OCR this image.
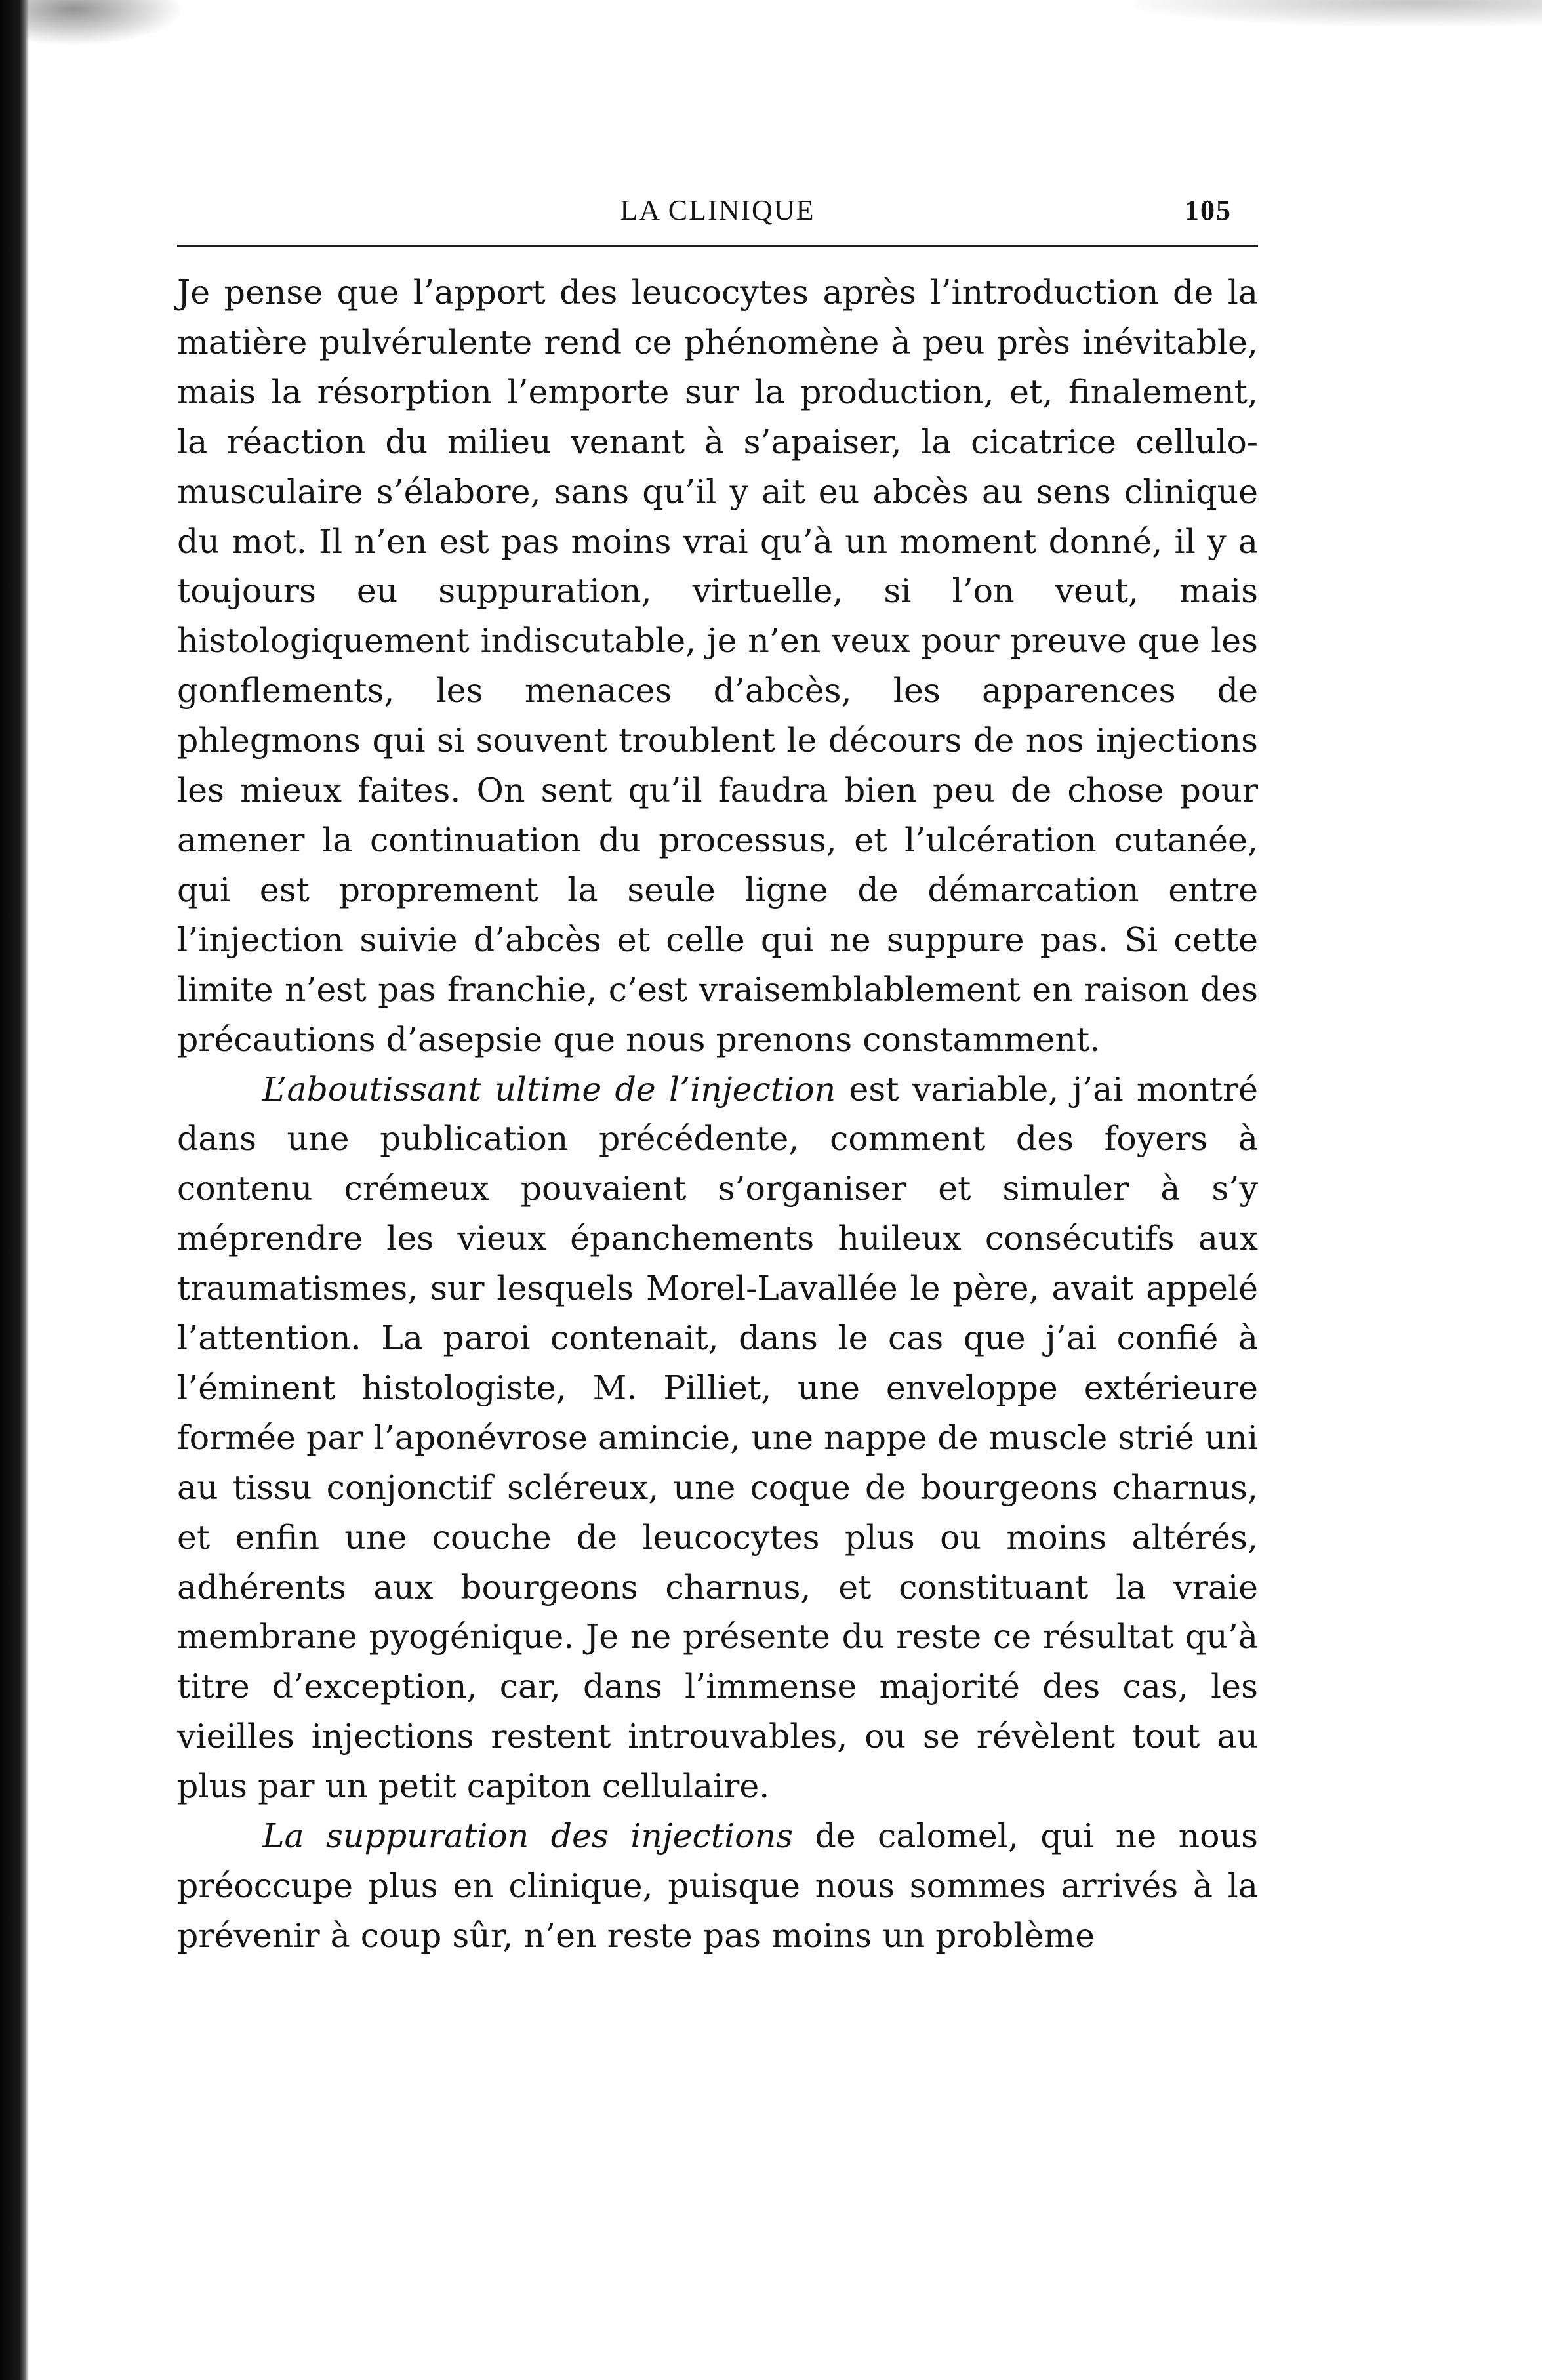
LA CLINIQUE	105

Je pense que l’apport des leucocytes après l’introduction de la matière pulvérulente rend ce phénomène à peu près inévitable, mais la résorption l’emporte sur la production, et, finalement, la réaction du milieu venant à s’apaiser, la cicatrice cellulo-musculaire s’élabore, sans qu’il y ait eu abcès au sens clinique du mot. Il n’en est pas moins vrai qu’à un moment donné, il y a toujours eu suppuration, virtuelle, si l’on veut, mais histologiquement indiscutable, je n’en veux pour preuve que les gonflements, les menaces d’abcès, les apparences de phlegmons qui si souvent troublent le décours de nos injections les mieux faites. On sent qu’il faudra bien peu de chose pour amener la continuation du processus, et l’ulcération cutanée, qui est proprement la seule ligne de démarcation entre l’injection suivie d’abcès et celle qui ne suppure pas. Si cette limite n’est pas franchie, c’est vraisemblablement en raison des précautions d’asepsie que nous prenons constamment.

L’aboutissant ultime de l’injection est variable, j’ai montré dans une publication précédente, comment des foyers à contenu crémeux pouvaient s’organiser et simuler à s’y méprendre les vieux épanchements huileux consécutifs aux traumatismes, sur lesquels Morel-Lavallée le père, avait appelé l’attention. La paroi contenait, dans le cas que j’ai confié à l’éminent histologiste, M. Pilliet, une enveloppe extérieure formée par l’aponévrose amincie, une nappe de muscle strié uni au tissu conjonctif scléreux, une coque de bourgeons charnus, et enfin une couche de leucocytes plus ou moins altérés, adhérents aux bourgeons charnus, et constituant la vraie membrane pyogénique. Je ne présente du reste ce résultat qu’à titre d’exception, car, dans l’immense majorité des cas, les vieilles injections restent introuvables, ou se révèlent tout au plus par un petit capiton cellulaire.

La suppuration des injections de calomel, qui ne nous préoccupe plus en clinique, puisque nous sommes arrivés à la prévenir à coup sûr, n’en reste pas moins un problème
